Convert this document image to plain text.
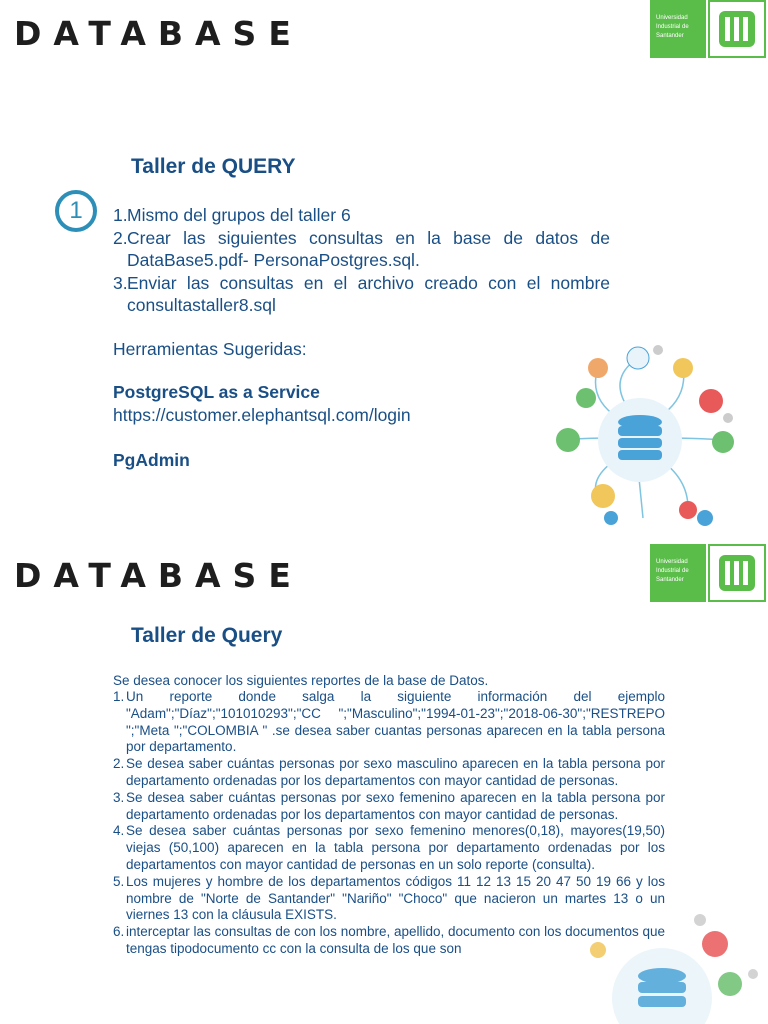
DATABASE	Universidad Industrial de Santander
Taller de QUERY
1	1. Mismo del grupos del taller 6
2. Crear las siguientes consultas en la base de datos de DataBase5.pdf- PersonaPostgres.sql.
3. Enviar las consultas en el archivo creado con el nombre consultastaller8.sql
Herramientas Sugeridas:
PostgreSQL as a Service
https://customer.elephantsql.com/login
PgAdmin
DATABASE	Universidad Industrial de Santander
Taller de Query
Se desea conocer los siguientes reportes de la base de Datos.
1. Un reporte donde salga la siguiente información del ejemplo "Adam";"Díaz";"101010293";"CC ";"Masculino";"1994-01-23";"2018-06-30";"RESTREPO ";"Meta ";"COLOMBIA " .se desea saber cuantas personas aparecen en la tabla persona por departamento.
2. Se desea saber cuántas personas por sexo masculino aparecen en la tabla persona por departamento ordenadas por los departamentos con mayor cantidad de personas.
3. Se desea saber cuántas personas por sexo femenino aparecen en la tabla persona por departamento ordenadas por los departamentos con mayor cantidad de personas.
4. Se desea saber cuántas personas por sexo femenino menores(0,18), mayores(19,50) viejas (50,100) aparecen en la tabla persona por departamento ordenadas por los departamentos con mayor cantidad de personas en un solo reporte (consulta).
5. Los mujeres y hombre de los departamentos códigos 11 12 13 15 20 47 50 19 66 y los nombre de "Norte de Santander" "Nariño" "Choco" que nacieron un martes 13 o un viernes 13 con la cláusula EXISTS.
6. interceptar las consultas de con los nombre, apellido, documento con los documentos que tengas tipodocumento cc con la consulta de los que son
